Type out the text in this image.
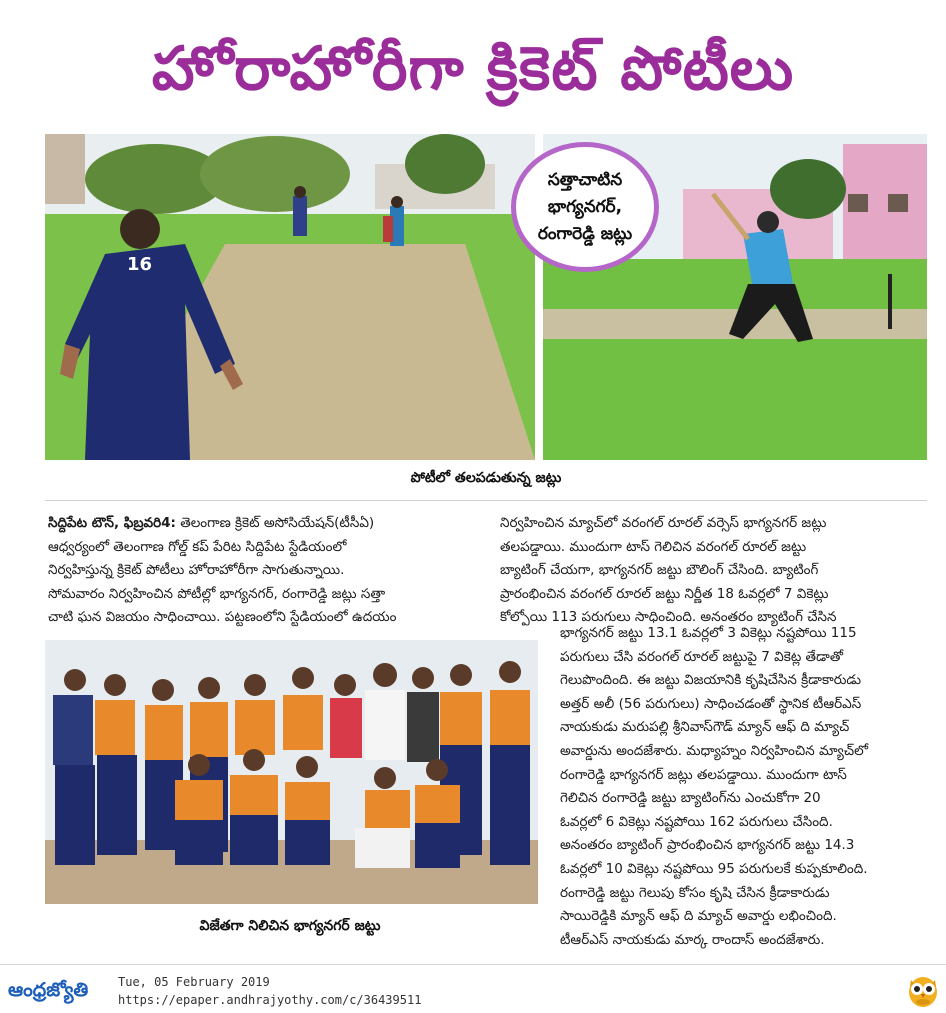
హోరాహోరీగా క్రికెట్‌ పోటీలు
16
సత్తాచాటిన
భాగ్యనగర్‌,
రంగారెడ్డి జట్లు
పోటీలో తలపడుతున్న జట్లు
సిద్దిపేట టౌన్‌, ఫిబ్రవరి4: తెలంగాణ క్రికెట్‌ అసోసియేషన్‌(టీసీఏ)
ఆధ్వర్యంలో తెలంగాణ గోల్డ్‌ కప్‌ పేరిట సిద్దిపేట స్టేడియంలో
నిర్వహిస్తున్న క్రికెట్‌ పోటీలు హోరాహోరీగా సాగుతున్నాయి.
సోమవారం నిర్వహించిన పోటీల్లో భాగ్యనగర్‌, రంగారెడ్డి జట్లు సత్తా
చాటి ఘన విజయం సాధించాయి. పట్టణంలోని స్టేడియంలో ఉదయం
నిర్వహించిన మ్యాచ్‌లో వరంగల్‌ రూరల్‌ వర్సెస్‌ భాగ్యనగర్‌ జట్లు
తలపడ్డాయి. ముందుగా టాస్‌ గెలిచిన వరంగల్‌ రూరల్‌ జట్టు
బ్యాటింగ్‌ చేయగా, భాగ్యనగర్‌ జట్టు బౌలింగ్‌ చేసింది. బ్యాటింగ్‌
ప్రారంభించిన వరంగల్‌ రూరల్‌ జట్టు నిర్ణీత 18 ఓవర్లలో 7 వికెట్లు
కోల్పోయి 113 పరుగులు సాధించింది. అనంతరం బ్యాటింగ్‌ చేసిన
భాగ్యనగర్‌ జట్టు 13.1 ఓవర్లలో 3 వికెట్లు నష్టపోయి 115
పరుగులు చేసి వరంగల్‌ రూరల్‌ జట్టుపై 7 వికెట్ల తేడాతో
గెలుపొందింది. ఈ జట్టు విజయానికి కృషిచేసిన క్రీడాకారుడు
అత్తర్‌ అలీ (56 పరుగులు) సాధించడంతో స్థానిక టీఆర్‌ఎస్‌
నాయకుడు మరుపల్లి శ్రీనివాస్‌గౌడ్‌ మ్యాన్‌ ఆఫ్‌ ది మ్యాచ్‌
అవార్డును అందజేశారు. మధ్యాహ్నం నిర్వహించిన మ్యాచ్‌లో
రంగారెడ్డి భాగ్యనగర్‌ జట్లు తలపడ్డాయి. ముందుగా టాస్‌
గెలిచిన రంగారెడ్డి జట్టు బ్యాటింగ్‌ను ఎంచుకోగా 20
ఓవర్లలో 6 వికెట్లు నష్టపోయి 162 పరుగులు చేసింది.
అనంతరం బ్యాటింగ్‌ ప్రారంభించిన భాగ్యనగర్‌ జట్టు 14.3
ఓవర్లలో 10 వికెట్లు నష్టపోయి 95 పరుగులకే కుప్పకూలింది.
రంగారెడ్డి జట్టు గెలుపు కోసం కృషి చేసిన క్రీడాకారుడు
సాయిరెడ్డికి మ్యాన్‌ ఆఫ్‌ ది మ్యాచ్‌ అవార్డు లభించింది.
టీఆర్‌ఎస్‌ నాయకుడు మార్క రాందాస్‌ అందజేశారు.
విజేతగా నిలిచిన భాగ్యనగర్‌ జట్టు
ఆంధ్రజ్యోతి	Tue, 05 February 2019
https://epaper.andhrajyothy.com/c/36439511
